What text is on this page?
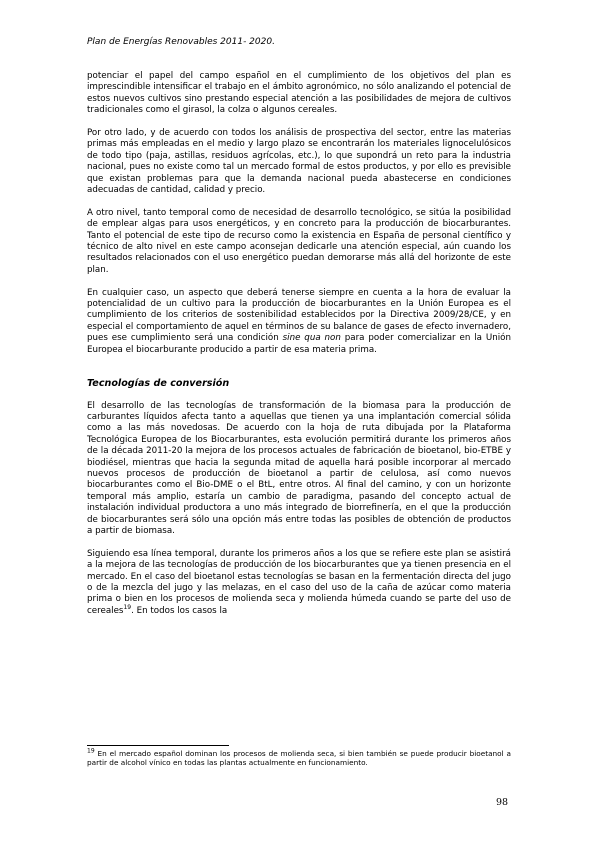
Plan de Energías Renovables 2011- 2020.

potenciar el papel del campo español en el cumplimiento de los objetivos del plan es imprescindible intensificar el trabajo en el ámbito agronómico, no sólo analizando el potencial de estos nuevos cultivos sino prestando especial atención a las posibilidades de mejora de cultivos tradicionales como el girasol, la colza o algunos cereales.

Por otro lado, y de acuerdo con todos los análisis de prospectiva del sector, entre las materias primas más empleadas en el medio y largo plazo se encontrarán los materiales lignocelulósicos de todo tipo (paja, astillas, residuos agrícolas, etc.), lo que supondrá un reto para la industria nacional, pues no existe como tal un mercado formal de estos productos, y por ello es previsible que existan problemas para que la demanda nacional pueda abastecerse en condiciones adecuadas de cantidad, calidad y precio.

A otro nivel, tanto temporal como de necesidad de desarrollo tecnológico, se sitúa la posibilidad de emplear algas para usos energéticos, y en concreto para la producción de biocarburantes. Tanto el potencial de este tipo de recurso como la existencia en España de personal científico y técnico de alto nivel en este campo aconsejan dedicarle una atención especial, aún cuando los resultados relacionados con el uso energético puedan demorarse más allá del horizonte de este plan.

En cualquier caso, un aspecto que deberá tenerse siempre en cuenta a la hora de evaluar la potencialidad de un cultivo para la producción de biocarburantes en la Unión Europea es el cumplimiento de los criterios de sostenibilidad establecidos por la Directiva 2009/28/CE, y en especial el comportamiento de aquel en términos de su balance de gases de efecto invernadero, pues ese cumplimiento será una condición sine qua non para poder comercializar en la Unión Europea el biocarburante producido a partir de esa materia prima.

Tecnologías de conversión

El desarrollo de las tecnologías de transformación de la biomasa para la producción de carburantes líquidos afecta tanto a aquellas que tienen ya una implantación comercial sólida como a las más novedosas. De acuerdo con la hoja de ruta dibujada por la Plataforma Tecnológica Europea de los Biocarburantes, esta evolución permitirá durante los primeros años de la década 2011-20 la mejora de los procesos actuales de fabricación de bioetanol, bio-ETBE y biodiésel, mientras que hacia la segunda mitad de aquella hará posible incorporar al mercado nuevos procesos de producción de bioetanol a partir de celulosa, así como nuevos biocarburantes como el Bio-DME o el BtL, entre otros. Al final del camino, y con un horizonte temporal más amplio, estaría un cambio de paradigma, pasando del concepto actual de instalación individual productora a uno más integrado de biorrefinería, en el que la producción de biocarburantes será sólo una opción más entre todas las posibles de obtención de productos a partir de biomasa.

Siguiendo esa línea temporal, durante los primeros años a los que se refiere este plan se asistirá a la mejora de las tecnologías de producción de los biocarburantes que ya tienen presencia en el mercado. En el caso del bioetanol estas tecnologías se basan en la fermentación directa del jugo o de la mezcla del jugo y las melazas, en el caso del uso de la caña de azúcar como materia prima o bien en los procesos de molienda seca y molienda húmeda cuando se parte del uso de cereales$^{19}$. En todos los casos la

$^{19}$ En el mercado español dominan los procesos de molienda seca, si bien también se puede producir bioetanol a partir de alcohol vínico en todas las plantas actualmente en funcionamiento.
98
